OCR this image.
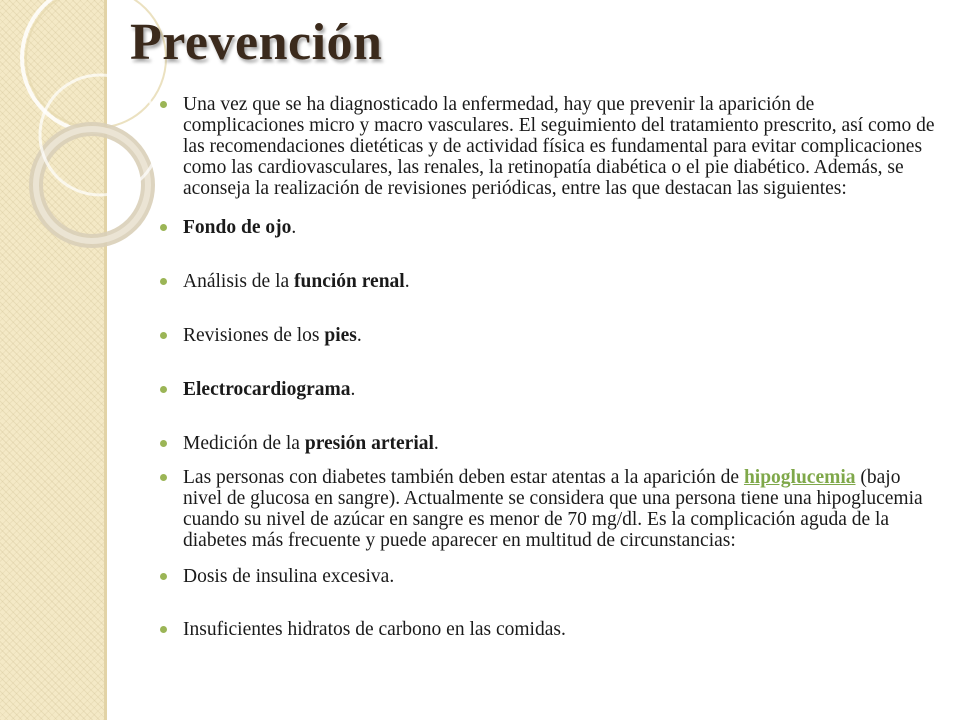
Prevención
Una vez que se ha diagnosticado la enfermedad, hay que prevenir la aparición de complicaciones micro y macro vasculares. El seguimiento del tratamiento prescrito, así como de las recomendaciones dietéticas y de actividad física es fundamental para evitar complicaciones como las cardiovasculares, las renales, la retinopatía diabética o el pie diabético. Además, se aconseja la realización de revisiones periódicas, entre las que destacan las siguientes:
Fondo de ojo.
Análisis de la función renal.
Revisiones de los pies.
Electrocardiograma.
Medición de la presión arterial.
Las personas con diabetes también deben estar atentas a la aparición de hipoglucemia (bajo nivel de glucosa en sangre). Actualmente se considera que una persona tiene una hipoglucemia cuando su nivel de azúcar en sangre es menor de 70 mg/dl. Es la complicación aguda de la diabetes más frecuente y puede aparecer en multitud de circunstancias:
Dosis de insulina excesiva.
Insuficientes hidratos de carbono en las comidas.
